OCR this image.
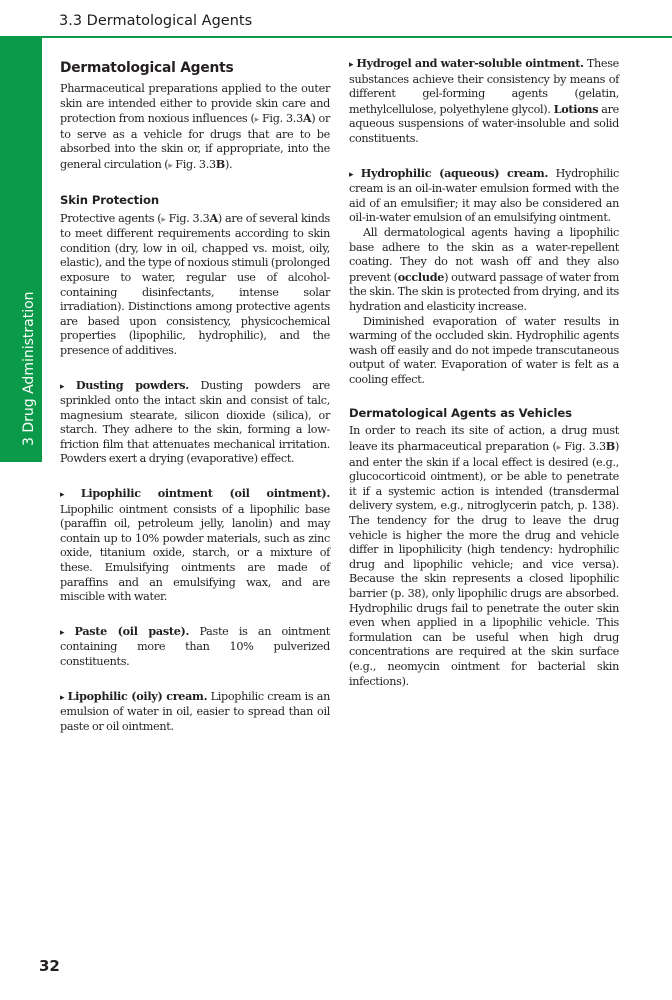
3.3 Dermatological Agents
3 Drug Administration
Dermatological Agents

Pharmaceutical preparations applied to the outer skin are intended either to provide skin care and protection from noxious influences (▸ Fig. 3.3A) or to serve as a vehicle for drugs that are to be absorbed into the skin or, if appropriate, into the general circulation (▸ Fig. 3.3B).

Skin Protection

Protective agents (▸ Fig. 3.3A) are of several kinds to meet different requirements according to skin condition (dry, low in oil, chapped vs. moist, oily, elastic), and the type of noxious stimuli (prolonged exposure to water, regular use of alcohol-containing disinfectants, intense solar irradiation). Distinctions among protective agents are based upon consistency, physicochemical properties (lipophilic, hydrophilic), and the presence of additives.

▸ Dusting powders. Dusting powders are sprinkled onto the intact skin and consist of talc, magnesium stearate, silicon dioxide (silica), or starch. They adhere to the skin, forming a low-friction film that attenuates mechanical irritation. Powders exert a drying (evaporative) effect.

▸ Lipophilic ointment (oil ointment). Lipophilic ointment consists of a lipophilic base (paraffin oil, petroleum jelly, lanolin) and may contain up to 10% powder materials, such as zinc oxide, titanium oxide, starch, or a mixture of these. Emulsifying ointments are made of paraffins and an emulsifying wax, and are miscible with water.

▸ Paste (oil paste). Paste is an ointment containing more than 10% pulverized constituents.

▸ Lipophilic (oily) cream. Lipophilic cream is an emulsion of water in oil, easier to spread than oil paste or oil ointment.

▸ Hydrogel and water-soluble ointment. These substances achieve their consistency by means of different gel-forming agents (gelatin, methylcellulose, polyethylene glycol). Lotions are aqueous suspensions of water-insoluble and solid constituents.

▸ Hydrophilic (aqueous) cream. Hydrophilic cream is an oil-in-water emulsion formed with the aid of an emulsifier; it may also be considered an oil-in-water emulsion of an emulsifying ointment.

All dermatological agents having a lipophilic base adhere to the skin as a water-repellent coating. They do not wash off and they also prevent (occlude) outward passage of water from the skin. The skin is protected from drying, and its hydration and elasticity increase.

Diminished evaporation of water results in warming of the occluded skin. Hydrophilic agents wash off easily and do not impede transcutaneous output of water. Evaporation of water is felt as a cooling effect.

Dermatological Agents as Vehicles

In order to reach its site of action, a drug must leave its pharmaceutical preparation (▸ Fig. 3.3B) and enter the skin if a local effect is desired (e.g., glucocorticoid ointment), or be able to penetrate it if a systemic action is intended (transdermal delivery system, e.g., nitroglycerin patch, p. 138). The tendency for the drug to leave the drug vehicle is higher the more the drug and vehicle differ in lipophilicity (high tendency: hydrophilic drug and lipophilic vehicle; and vice versa). Because the skin represents a closed lipophilic barrier (p. 38), only lipophilic drugs are absorbed. Hydrophilic drugs fail to penetrate the outer skin even when applied in a lipophilic vehicle. This formulation can be useful when high drug concentrations are required at the skin surface (e.g., neomycin ointment for bacterial skin infections).

32
